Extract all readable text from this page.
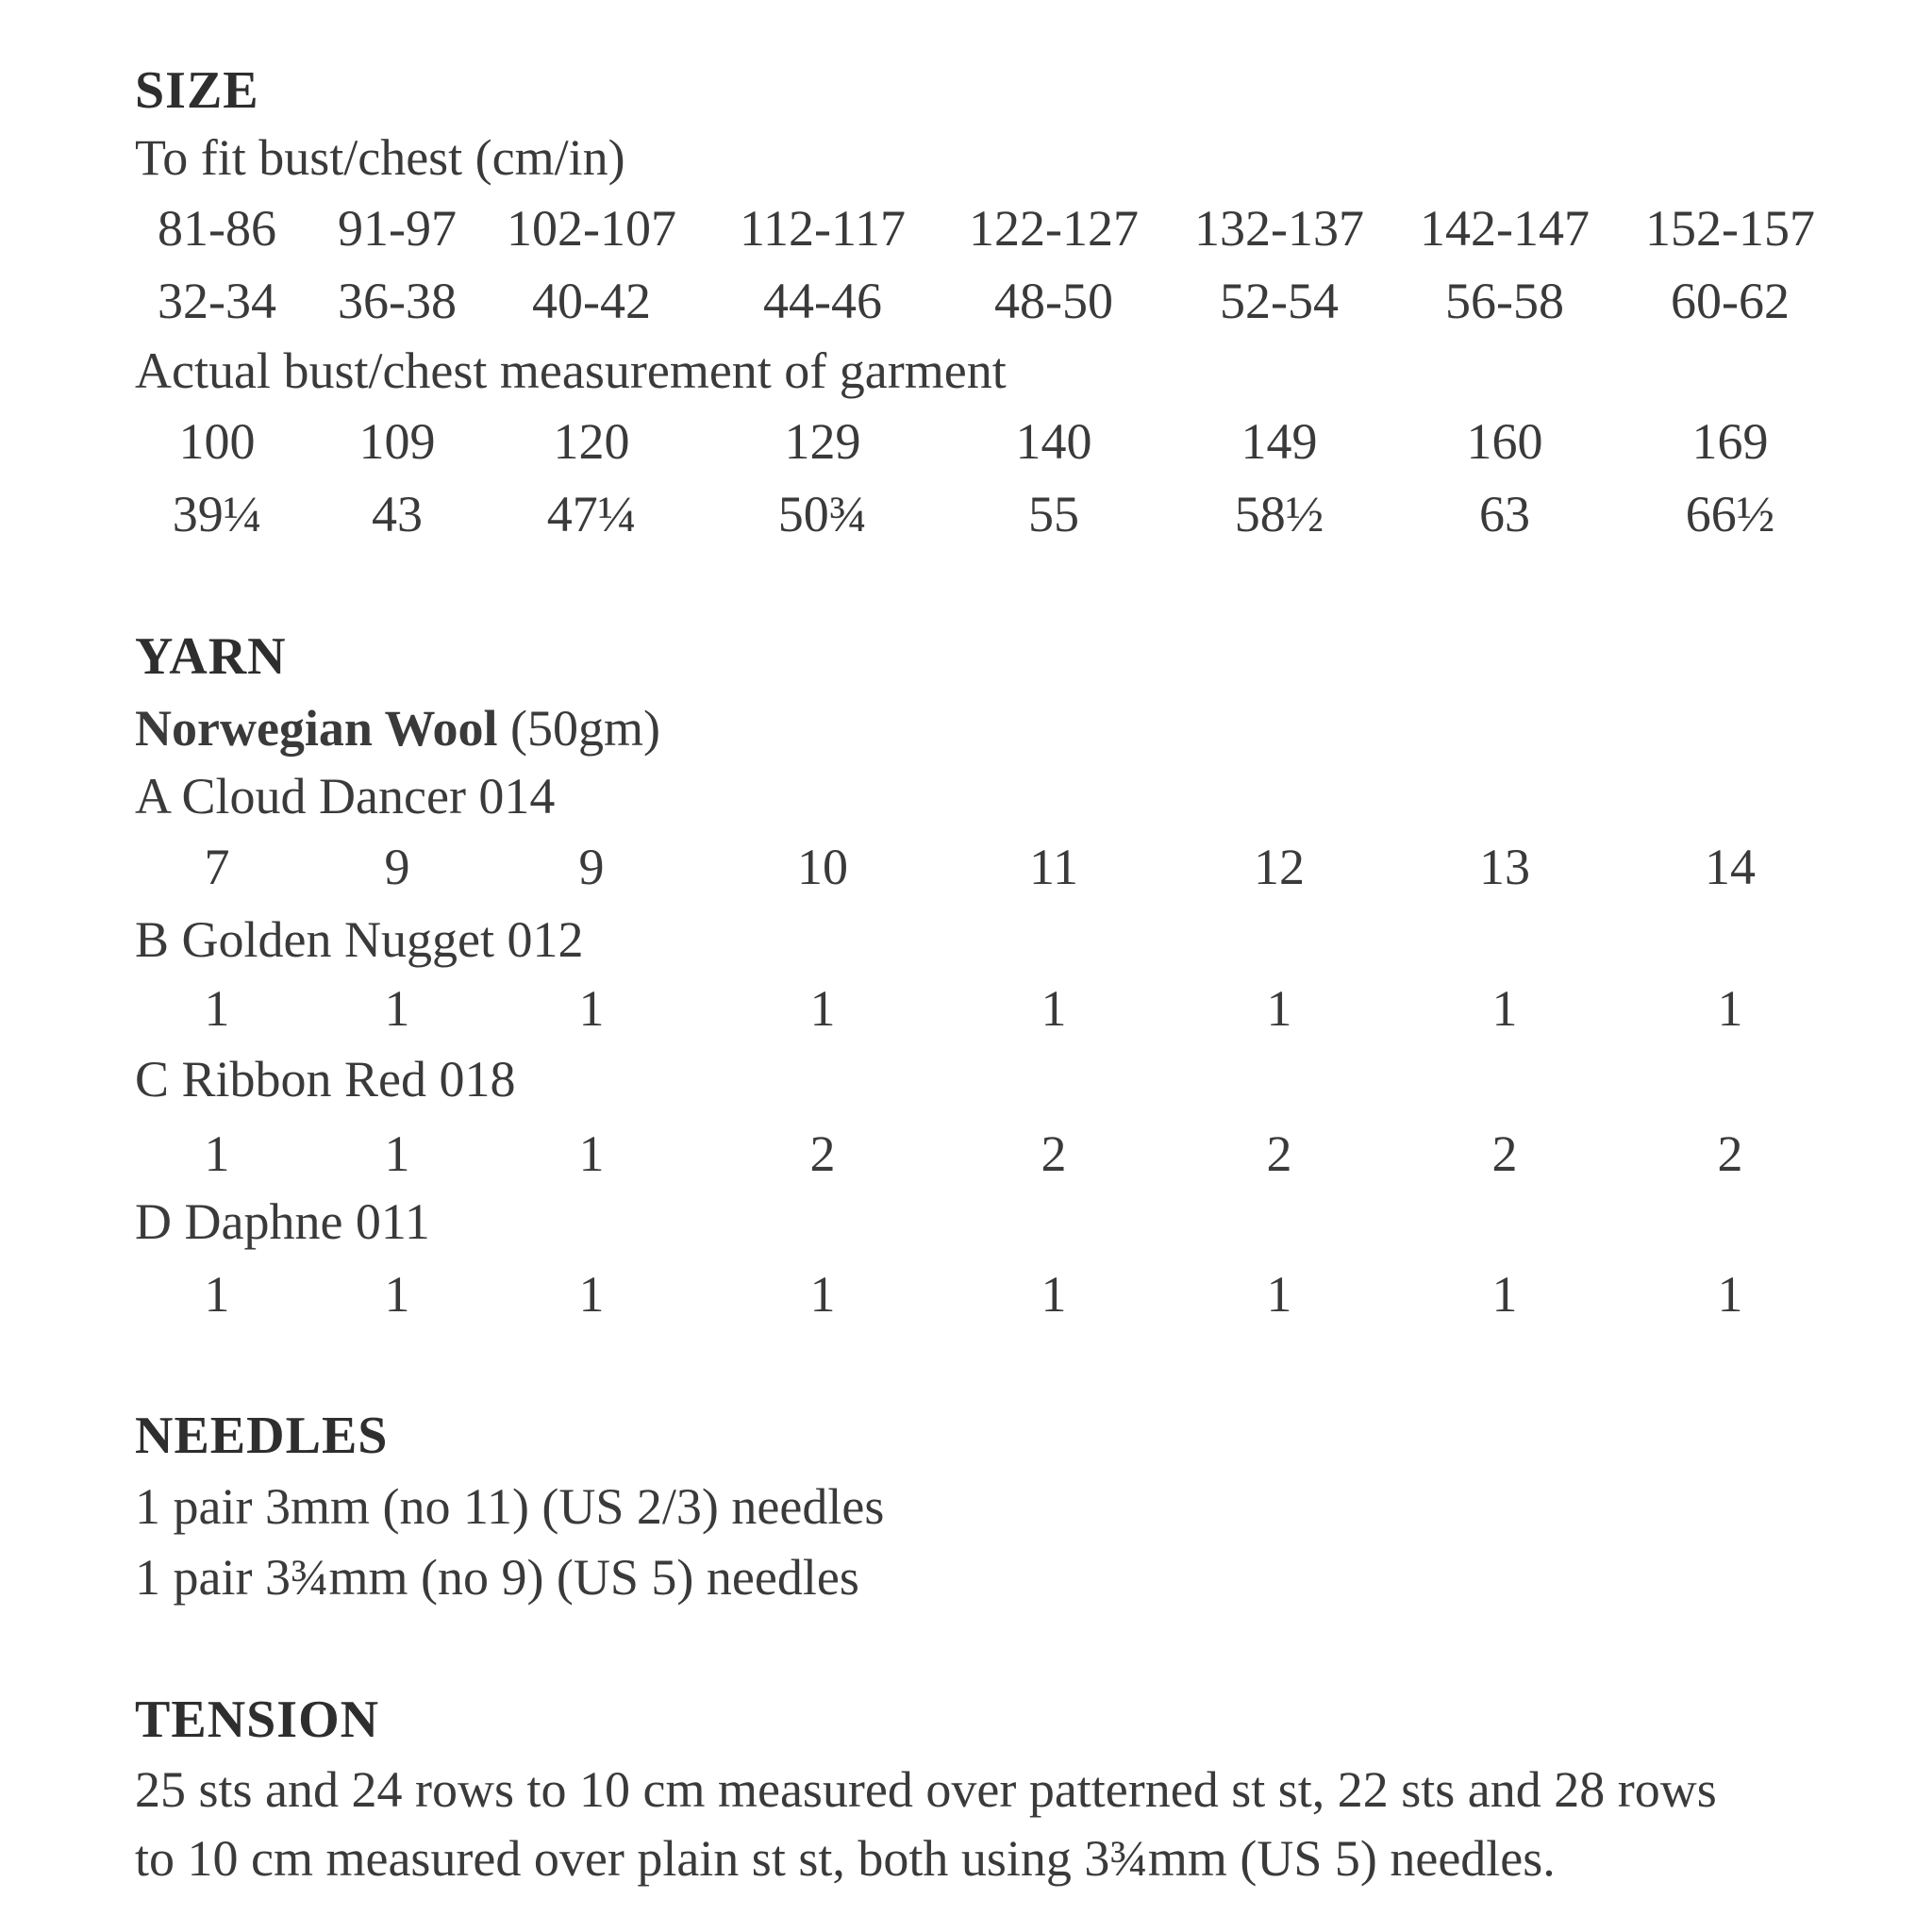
SIZE
To fit bust/chest (cm/in)
81-86 91-97 102-107 112-117 122-127 132-137 142-147 152-157
32-34 36-38 40-42 44-46 48-50 52-54 56-58 60-62
Actual bust/chest measurement of garment
100 109 120	129	140	149	160	169
39¼ 43 47¼	50¾	55	58½	63	66½
YARN
Norwegian Wool (50gm)
A Cloud Dancer 014
7	9	9	10	11	12	13	14
B Golden Nugget 012
1	1	1	1	1	1	1	1
C Ribbon Red 018
1	1	1	2	2	2	2	2
D Daphne 011
1	1	1	1	1	1	1	1
NEEDLES
1 pair 3mm (no 11) (US 2/3) needles
1 pair 3¾mm (no 9) (US 5) needles
TENSION
25 sts and 24 rows to 10 cm measured over patterned st st, 22 sts and 28 rows
to 10 cm measured over plain st st, both using 3¾mm (US 5) needles.
